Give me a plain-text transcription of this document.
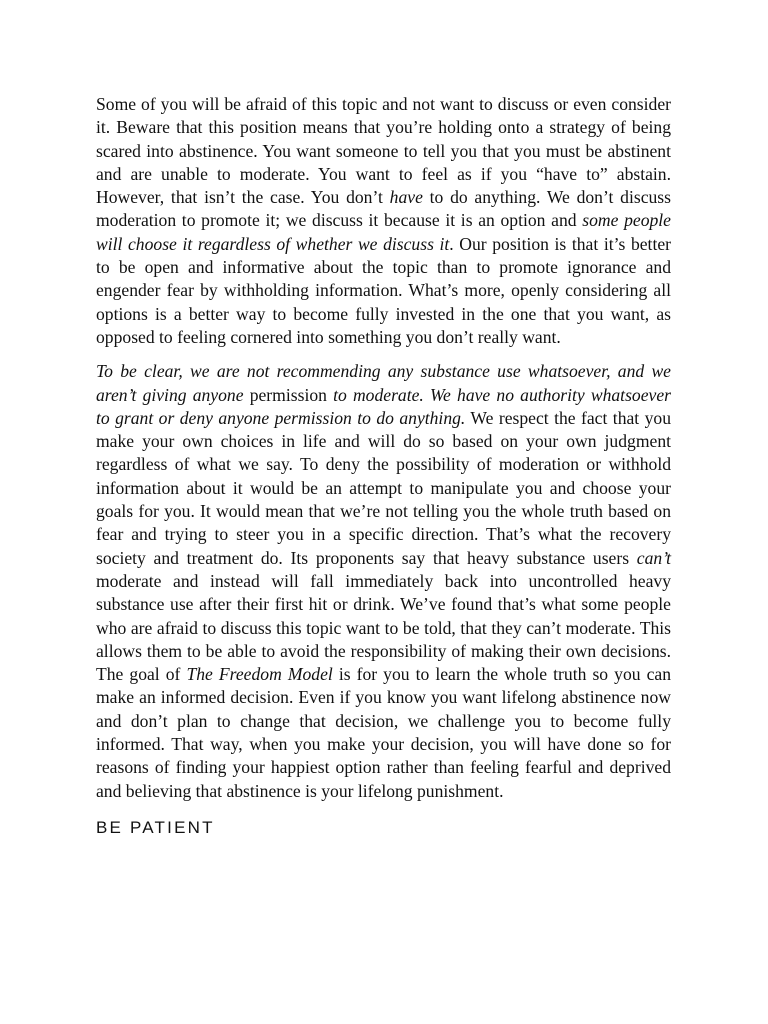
Some of you will be afraid of this topic and not want to discuss or even consider it. Beware that this position means that you’re holding onto a strategy of being scared into abstinence. You want someone to tell you that you must be abstinent and are unable to moderate. You want to feel as if you “have to” abstain. However, that isn’t the case. You don’t have to do anything. We don’t discuss moderation to promote it; we discuss it because it is an option and some people will choose it regardless of whether we discuss it. Our position is that it’s better to be open and informative about the topic than to promote ignorance and engender fear by withholding information. What’s more, openly considering all options is a better way to become fully invested in the one that you want, as opposed to feeling cornered into something you don’t really want.

To be clear, we are not recommending any substance use whatsoever, and we aren’t giving anyone permission to moderate. We have no authority whatsoever to grant or deny anyone permission to do anything. We respect the fact that you make your own choices in life and will do so based on your own judgment regardless of what we say. To deny the possibility of moderation or withhold information about it would be an attempt to manipulate you and choose your goals for you. It would mean that we’re not telling you the whole truth based on fear and trying to steer you in a specific direction. That’s what the recovery society and treatment do. Its proponents say that heavy substance users can’t moderate and instead will fall immediately back into uncontrolled heavy substance use after their first hit or drink. We’ve found that’s what some people who are afraid to discuss this topic want to be told, that they can’t moderate. This allows them to be able to avoid the responsibility of making their own decisions. The goal of The Freedom Model is for you to learn the whole truth so you can make an informed decision. Even if you know you want lifelong abstinence now and don’t plan to change that decision, we challenge you to become fully informed. That way, when you make your decision, you will have done so for reasons of finding your happiest option rather than feeling fearful and deprived and believing that abstinence is your lifelong punishment.

BE PATIENT
